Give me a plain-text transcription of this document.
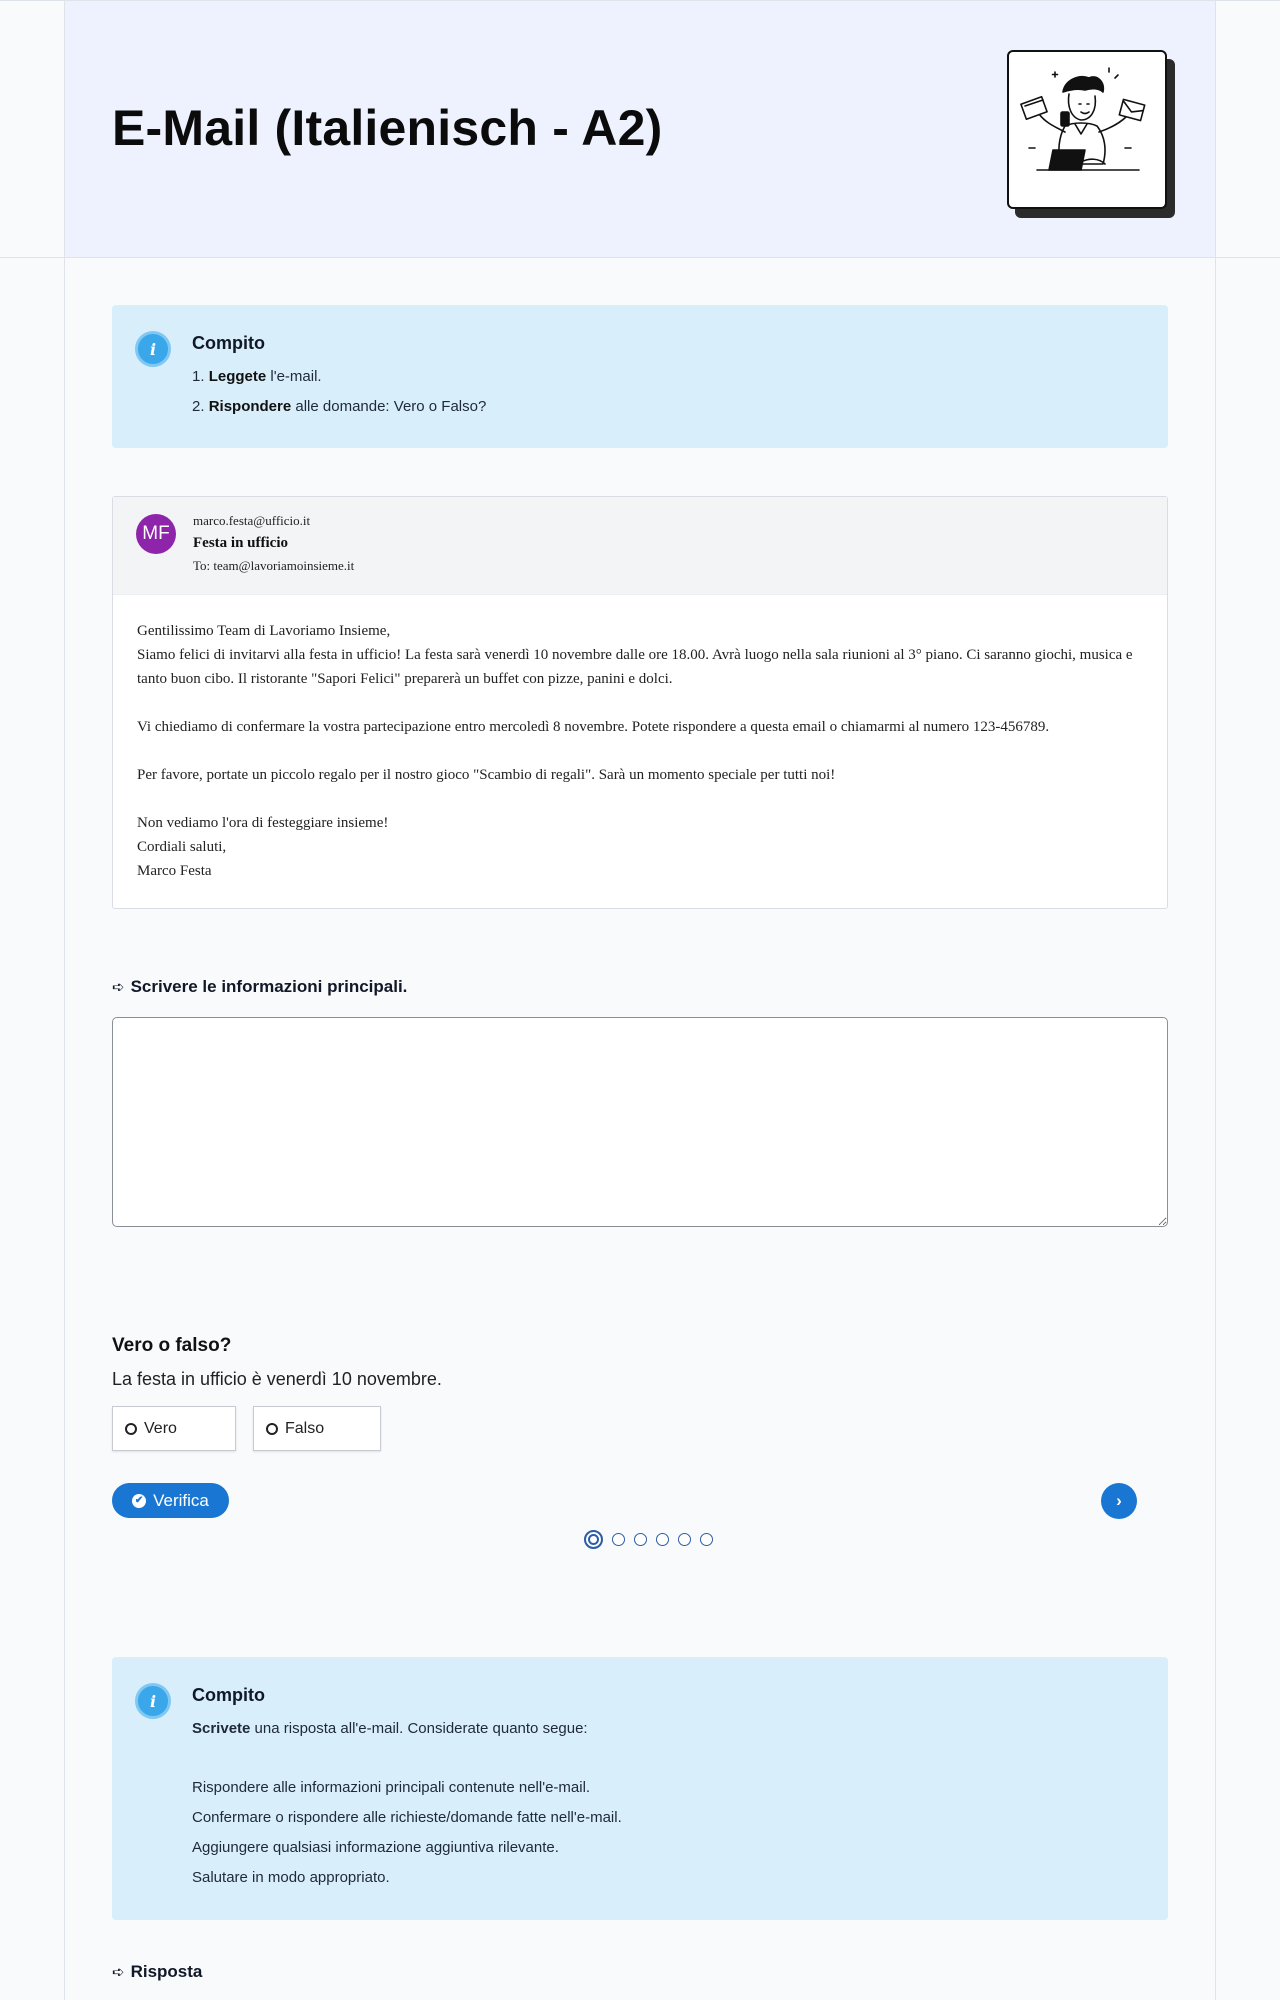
E-Mail (Italienisch - A2)
i	Compito
1. Leggete l'e-mail.
2. Rispondere alle domande: Vero o Falso?
MF
marco.festa@ufficio.it
Festa in ufficio
To: team@lavoriamoinsieme.it

Gentilissimo Team di Lavoriamo Insieme,

Siamo felici di invitarvi alla festa in ufficio! La festa sarà venerdì 10 novembre dalle ore 18.00. Avrà luogo nella sala riunioni al 3° piano. Ci saranno giochi, musica e tanto buon cibo. Il ristorante "Sapori Felici" preparerà un buffet con pizze, panini e dolci.

Vi chiediamo di confermare la vostra partecipazione entro mercoledì 8 novembre. Potete rispondere a questa email o chiamarmi al numero 123-456789.

Per favore, portate un piccolo regalo per il nostro gioco "Scambio di regali". Sarà un momento speciale per tutti noi!

Non vediamo l'ora di festeggiare insieme!

Cordiali saluti,

Marco Festa

➪ Scrivere le informazioni principali.
Vero o falso?
La festa in ufficio è venerdì 10 novembre.
Vero	Falso
✔ Verifica	›
i	Compito
Scrivete una risposta all'e-mail. Considerate quanto segue:
Rispondere alle informazioni principali contenute nell'e-mail.
Confermare o rispondere alle richieste/domande fatte nell'e-mail.
Aggiungere qualsiasi informazione aggiuntiva rilevante.
Salutare in modo appropriato.
➪ Risposta
